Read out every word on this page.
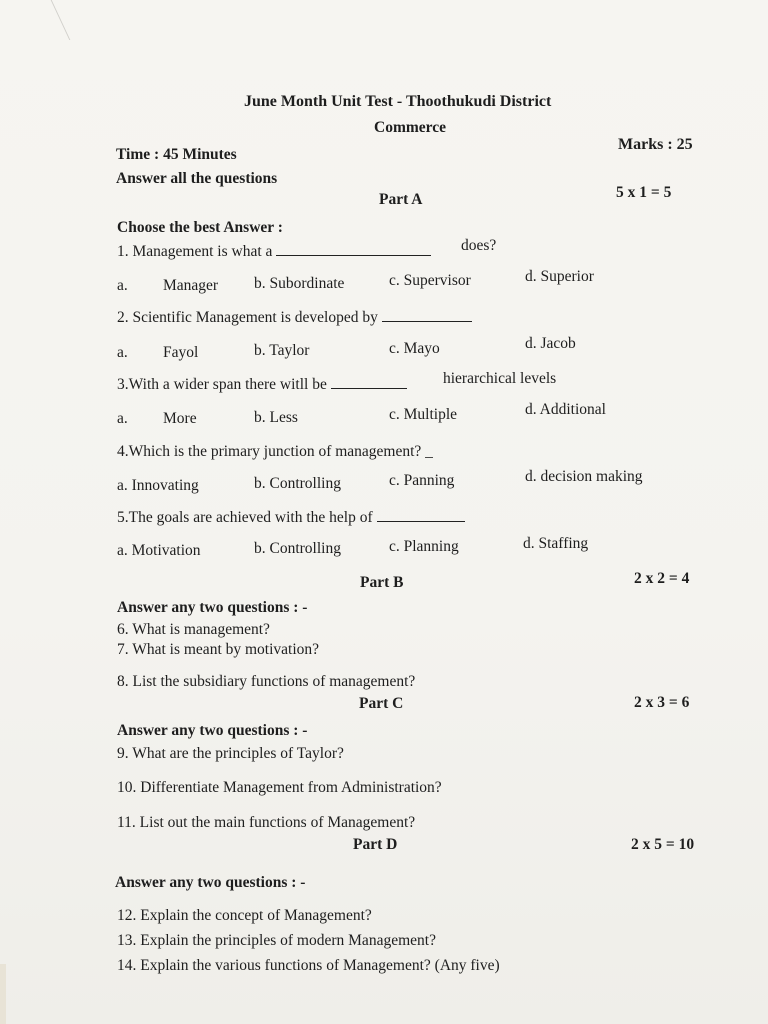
June Month Unit Test - Thoothukudi District
Commerce
Marks : 25
Time : 45 Minutes
Answer all the questions
Part A	5 x 1 = 5
Choose the best Answer :
1. Management is what a	does?
a. Manager b. Subordinate	c. Supervisor	d. Superior
2. Scientific Management is developed by
a. Fayol	b. Taylor	c. Mayo	d. Jacob
3.With a wider span there witll be	hierarchical levels
a. More	b. Less	c. Multiple	d. Additional
4.Which is the primary junction of management? _
a. Innovating	b. Controlling	c. Panning	d. decision making
5.The goals are achieved with the help of
a. Motivation	b. Controlling	c. Planning	d. Staffing
Part B	2 x 2 = 4
Answer any two questions : -
6. What is management?
7. What is meant by motivation?
8. List the subsidiary functions of management?
Part C	2 x 3 = 6
Answer any two questions : -
9. What are the principles of Taylor?
10. Differentiate Management from Administration?
11. List out the main functions of Management?
Part D	2 x 5 = 10
Answer any two questions : -
12. Explain the concept of Management?
13. Explain the principles of modern Management?
14. Explain the various functions of Management? (Any five)
